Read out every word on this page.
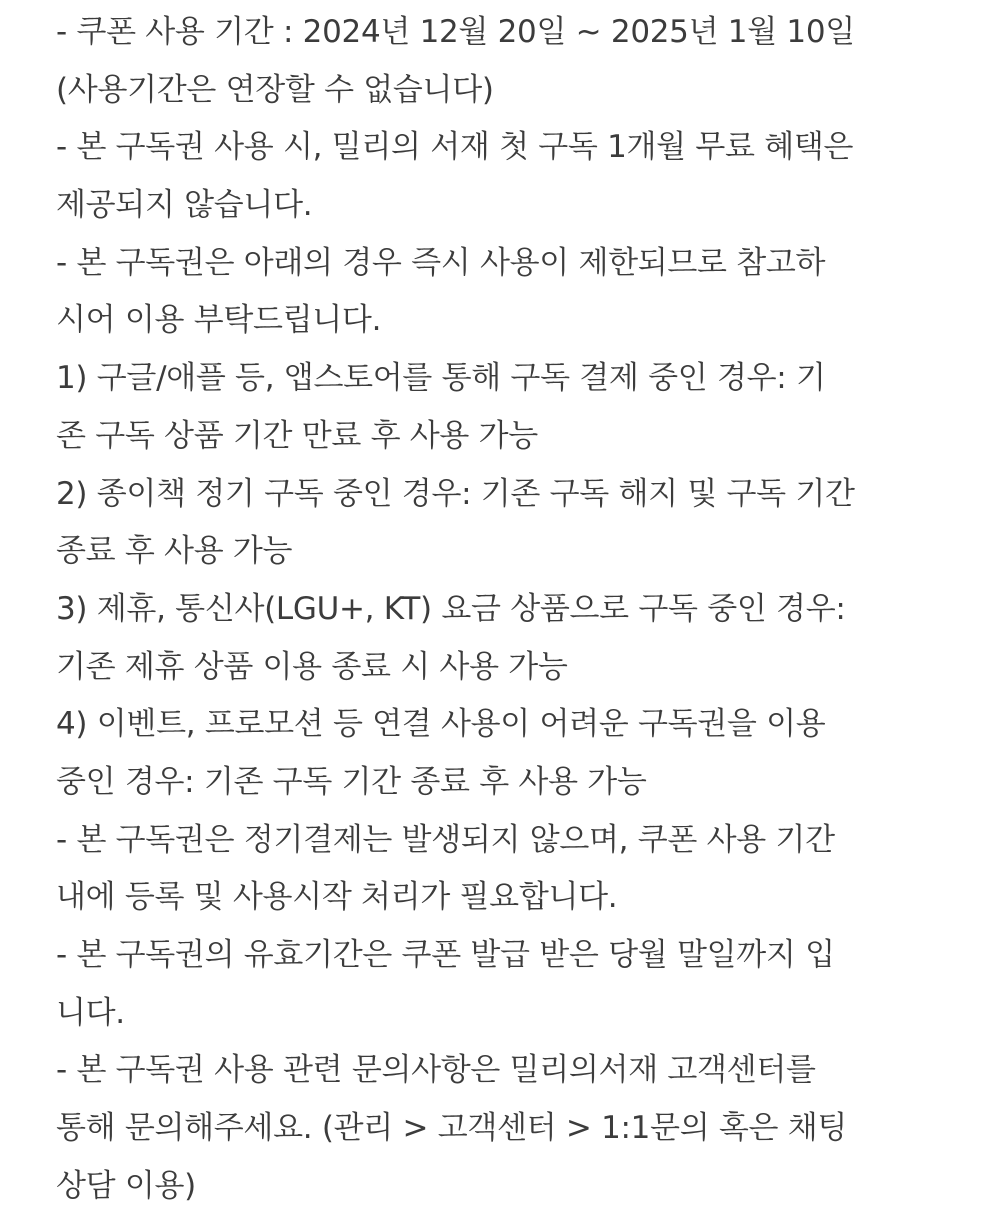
- 쿠폰 사용 기간 : 2024년 12월 20일 ~ 2025년 1월 10일
(사용기간은 연장할 수 없습니다)
- 본 구독권 사용 시, 밀리의 서재 첫 구독 1개월 무료 혜택은
제공되지 않습니다.
- 본 구독권은 아래의 경우 즉시 사용이 제한되므로 참고하
시어 이용 부탁드립니다.
1) 구글/애플 등, 앱스토어를 통해 구독 결제 중인 경우: 기
존 구독 상품 기간 만료 후 사용 가능
2) 종이책 정기 구독 중인 경우: 기존 구독 해지 및 구독 기간
종료 후 사용 가능
3) 제휴, 통신사(LGU+, KT) 요금 상품으로 구독 중인 경우:
기존 제휴 상품 이용 종료 시 사용 가능
4) 이벤트, 프로모션 등 연결 사용이 어려운 구독권을 이용
중인 경우: 기존 구독 기간 종료 후 사용 가능
- 본 구독권은 정기결제는 발생되지 않으며, 쿠폰 사용 기간
내에 등록 및 사용시작 처리가 필요합니다.
- 본 구독권의 유효기간은 쿠폰 발급 받은 당월 말일까지 입
니다.
- 본 구독권 사용 관련 문의사항은 밀리의서재 고객센터를
통해 문의해주세요. (관리 > 고객센터 > 1:1문의 혹은 채팅
상담 이용)
